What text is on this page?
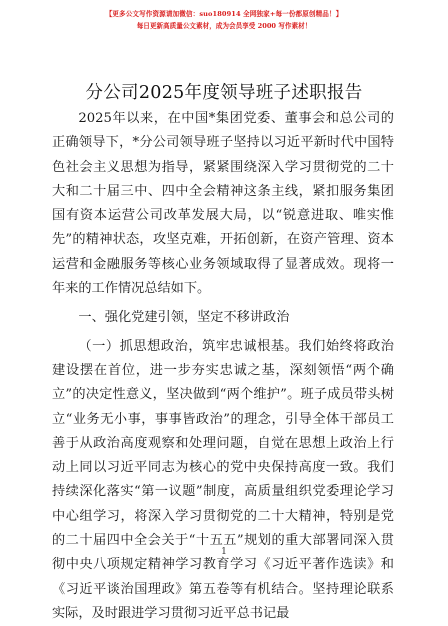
【更多公文写作资源请加微信：suo180914 全网独家+每一份都原创精品！】
每日更新高质量公文素材，成为会员享受 2000 写作素材！
分公司2025年度领导班子述职报告

2025年以来，在中国*集团党委、董事会和总公司的正确领导下，*分公司领导班子坚持以习近平新时代中国特色社会主义思想为指导，紧紧围绕深入学习贯彻党的二十大和二十届三中、四中全会精神这条主线，紧扣服务集团国有资本运营公司改革发展大局，以“锐意进取、唯实惟先”的精神状态，攻坚克难，开拓创新，在资产管理、资本运营和金融服务等核心业务领域取得了显著成效。现将一年来的工作情况总结如下。

一、强化党建引领，坚定不移讲政治

（一）抓思想政治，筑牢忠诚根基。我们始终将政治建设摆在首位，进一步夯实忠诚之基，深刻领悟“两个确立”的决定性意义，坚决做到“两个维护”。班子成员带头树立“业务无小事，事事皆政治”的理念，引导全体干部员工善于从政治高度观察和处理问题，自觉在思想上政治上行动上同以习近平同志为核心的党中央保持高度一致。我们持续深化落实“第一议题”制度，高质量组织党委理论学习中心组学习，将深入学习贯彻党的二十大精神，特别是党的二十届四中全会关于“十五五”规划的重大部署同深入贯彻中央八项规定精神学习教育学习《习近平著作选读》和《习近平谈治国理政》第五卷等有机结合。坚持理论联系实际，及时跟进学习贯彻习近平总书记最

1
